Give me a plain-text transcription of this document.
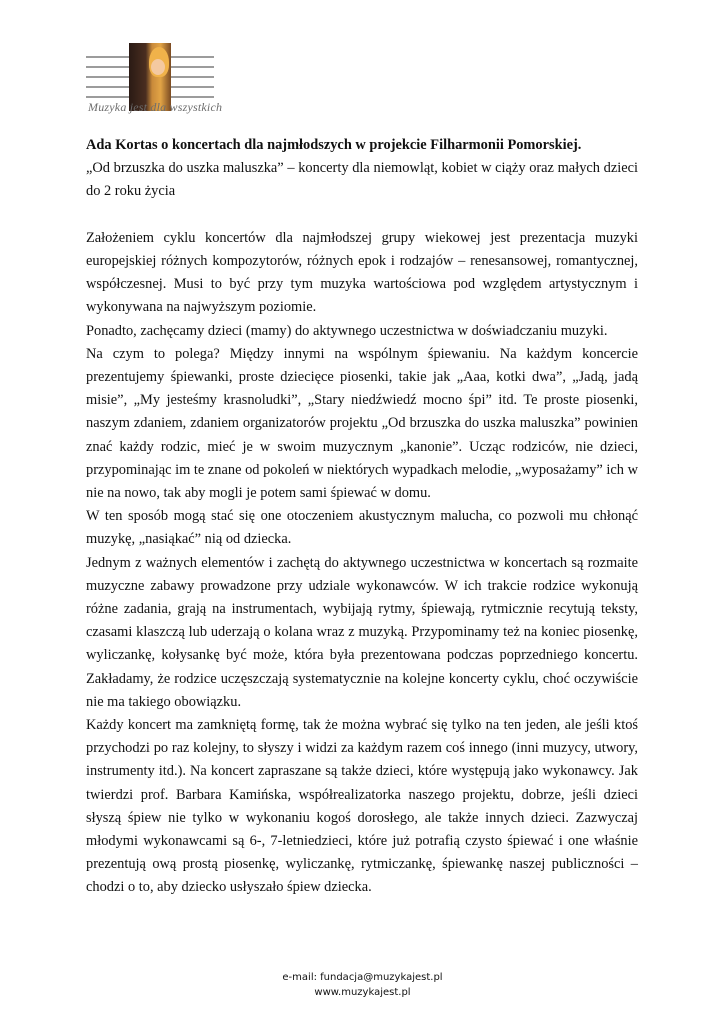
Muzyka jest dla wszystkich

Ada Kortas o koncertach dla najmłodszych w projekcie Filharmonii Pomorskiej.

„Od brzuszka do uszka maluszka” – koncerty dla niemowląt, kobiet w ciąży oraz małych dzieci do 2 roku życia

Założeniem cyklu koncertów dla najmłodszej grupy wiekowej jest prezentacja muzyki europejskiej różnych kompozytorów, różnych epok i rodzajów – renesansowej, romantycznej, współczesnej. Musi to być przy tym muzyka wartościowa pod względem artystycznym i wykonywana na najwyższym poziomie.

Ponadto, zachęcamy dzieci (mamy) do aktywnego uczestnictwa w doświadczaniu muzyki.

Na czym to polega? Między innymi na wspólnym śpiewaniu. Na każdym koncercie prezentujemy śpiewanki, proste dziecięce piosenki, takie jak „Aaa, kotki dwa”, „Jadą, jadą misie”, „My jesteśmy krasnoludki”, „Stary niedźwiedź mocno śpi” itd. Te proste piosenki, naszym zdaniem, zdaniem organizatorów projektu „Od brzuszka do uszka maluszka” powinien znać każdy rodzic, mieć je w swoim muzycznym „kanonie”. Ucząc rodziców, nie dzieci, przypominając im te znane od pokoleń w niektórych wypadkach melodie, „wyposażamy” ich w nie na nowo, tak aby mogli je potem sami śpiewać w domu.

W ten sposób mogą stać się one otoczeniem akustycznym malucha, co pozwoli mu chłonąć muzykę, „nasiąkać” nią od dziecka.

Jednym z ważnych elementów i zachętą do aktywnego uczestnictwa w koncertach są rozmaite muzyczne zabawy prowadzone przy udziale wykonawców. W ich trakcie rodzice wykonują różne zadania, grają na instrumentach, wybijają rytmy, śpiewają, rytmicznie recytują teksty, czasami klaszczą lub uderzają o kolana wraz z muzyką. Przypominamy też na koniec piosenkę, wyliczankę, kołysankę być może, która była prezentowana podczas poprzedniego koncertu. Zakładamy, że rodzice uczęszczają systematycznie na kolejne koncerty cyklu, choć oczywiście nie ma takiego obowiązku.

Każdy koncert ma zamkniętą formę, tak że można wybrać się tylko na ten jeden, ale jeśli ktoś przychodzi po raz kolejny, to słyszy i widzi za każdym razem coś innego (inni muzycy, utwory, instrumenty itd.). Na koncert zapraszane są także dzieci, które występują jako wykonawcy. Jak twierdzi prof. Barbara Kamińska, współrealizatorka naszego projektu, dobrze, jeśli dzieci słyszą śpiew nie tylko w wykonaniu kogoś dorosłego, ale także innych dzieci. Zazwyczaj młodymi wykonawcami są 6-, 7-letniedzieci, które już potrafią czysto śpiewać i one właśnie prezentują ową prostą piosenkę, wyliczankę, rytmiczankę, śpiewankę naszej publiczności – chodzi o to, aby dziecko usłyszało śpiew dziecka.

e-mail: fundacja@muzykajest.pl
www.muzykajest.pl
